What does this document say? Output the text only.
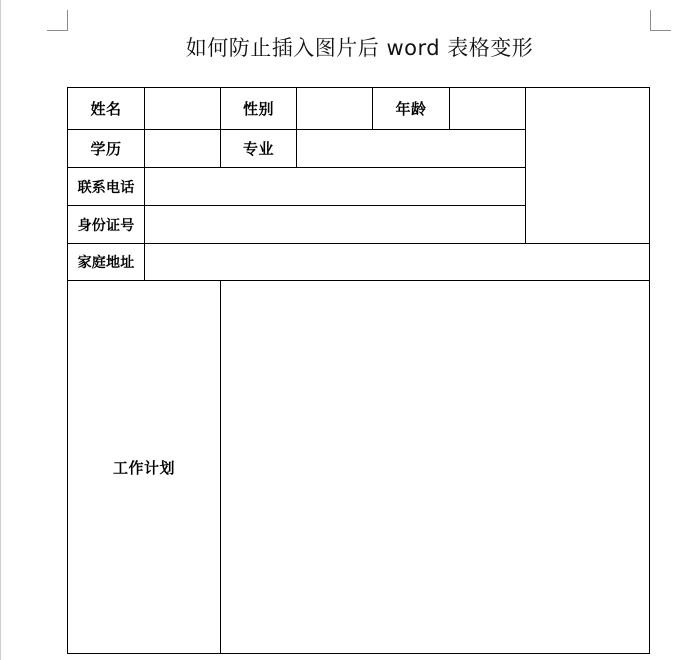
如何防止插入图片后 word 表格变形
姓名	性别	年龄
学历	专业
联系电话
身份证号
家庭地址
工作计划
